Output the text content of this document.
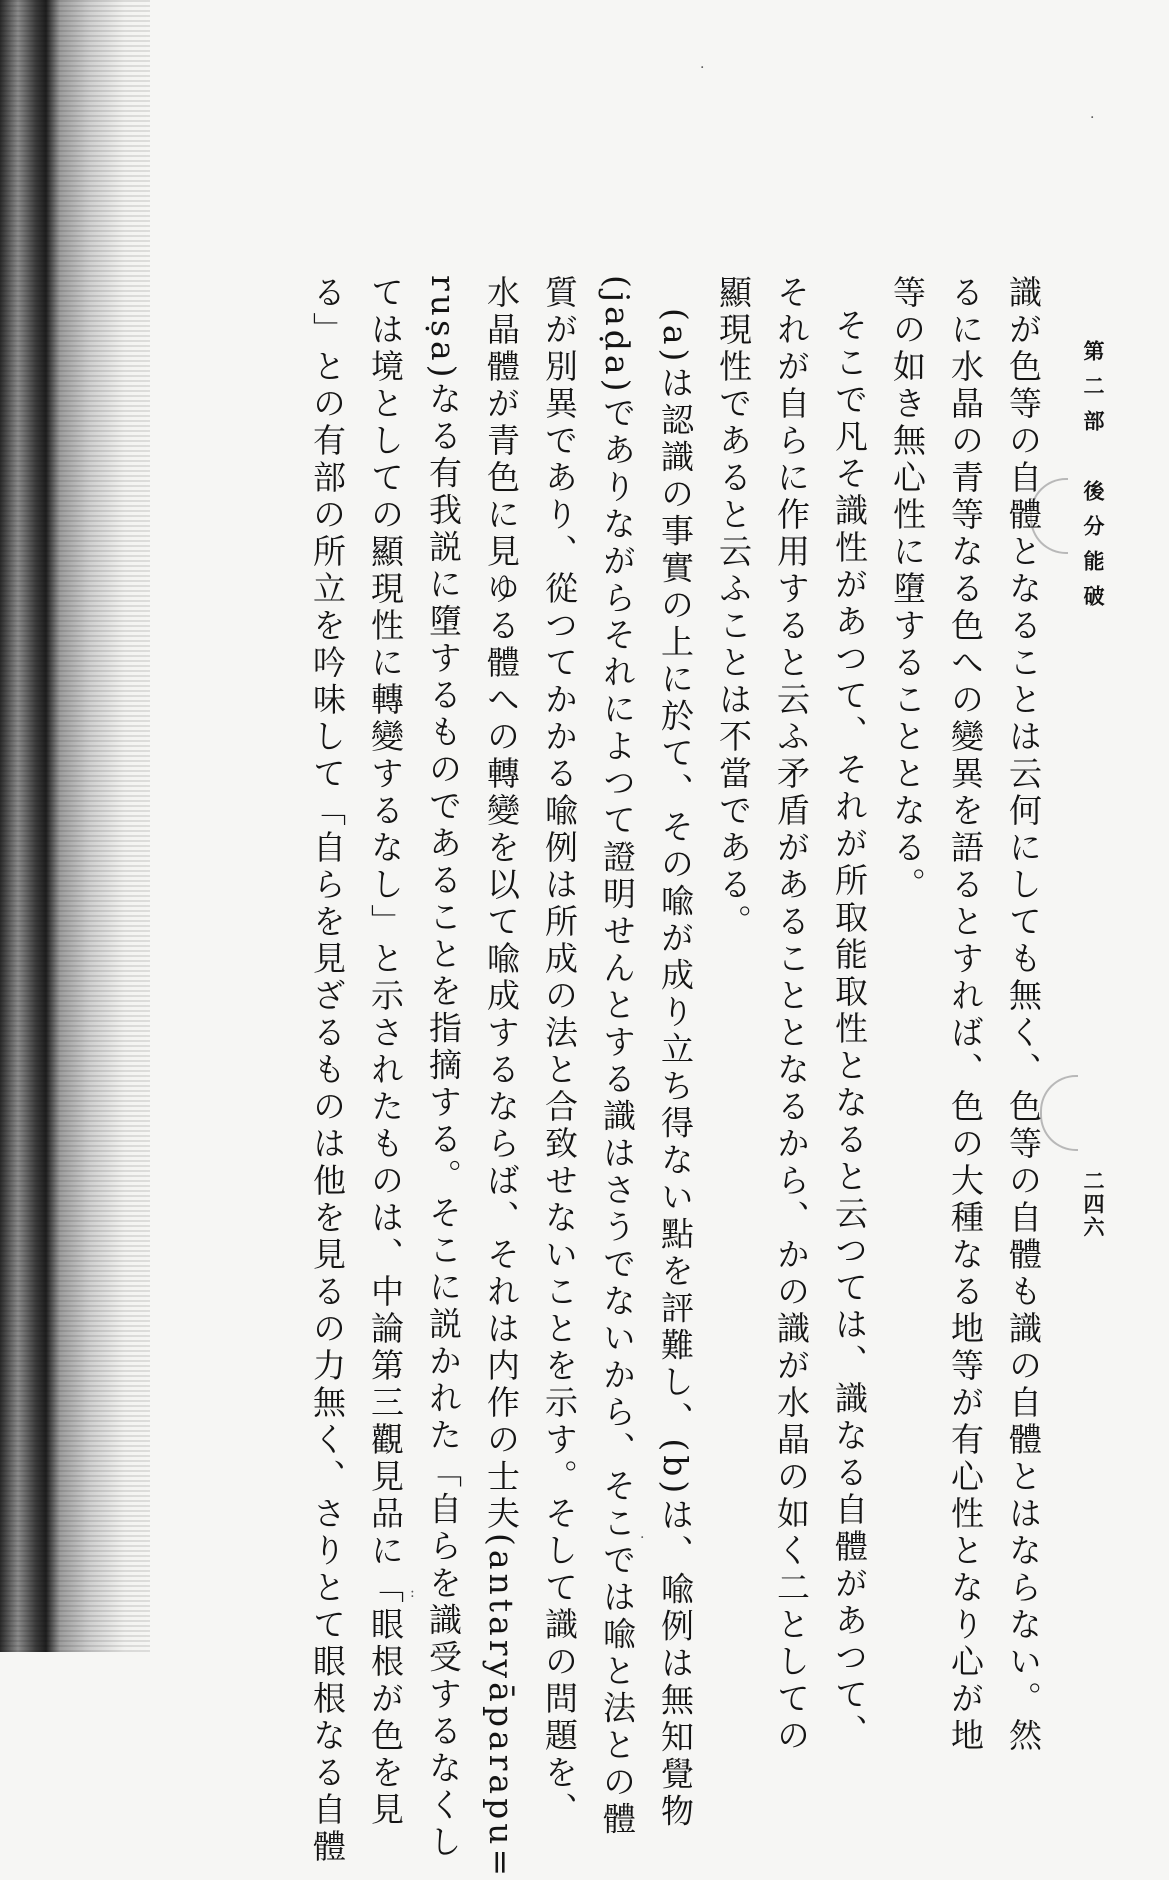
·
·
·
:
第二部　後分能破
二四六
識が色等の自體となることは云何にしても無く、色等の自體も識の自體とはならない。然
るに水晶の青等なる色への變異を語るとすれば、色の大種なる地等が有心性となり心が地
等の如き無心性に墮することとなる。
そこで凡そ識性があつて、それが所取能取性となると云つては、識なる自體があつて、
それが自らに作用すると云ふ矛盾があることとなるから、かの識が水晶の如く二としての
顯現性であると云ふことは不當である。
(a)は認識の事實の上に於て、その喩が成り立ち得ない點を評難し、(b)は、喩例は無知覺物
(jaḍa)でありながらそれによつて證明せんとする識はさうでないから、そこでは喩と法との體
質が別異であり、從つてかかる喩例は所成の法と合致せないことを示す。そして識の問題を、
水晶體が青色に見ゆる體への轉變を以て喩成するならば、それは内作の士夫(antaryāparapu=
ruṣa)なる有我説に墮するものであることを指摘する。そこに説かれた「自らを識受するなくし
ては境としての顯現性に轉變するなし」と示されたものは、中論第三觀見品に「眼根が色を見
る」との有部の所立を吟味して「自らを見ざるものは他を見るの力無く、さりとて眼根なる自體
